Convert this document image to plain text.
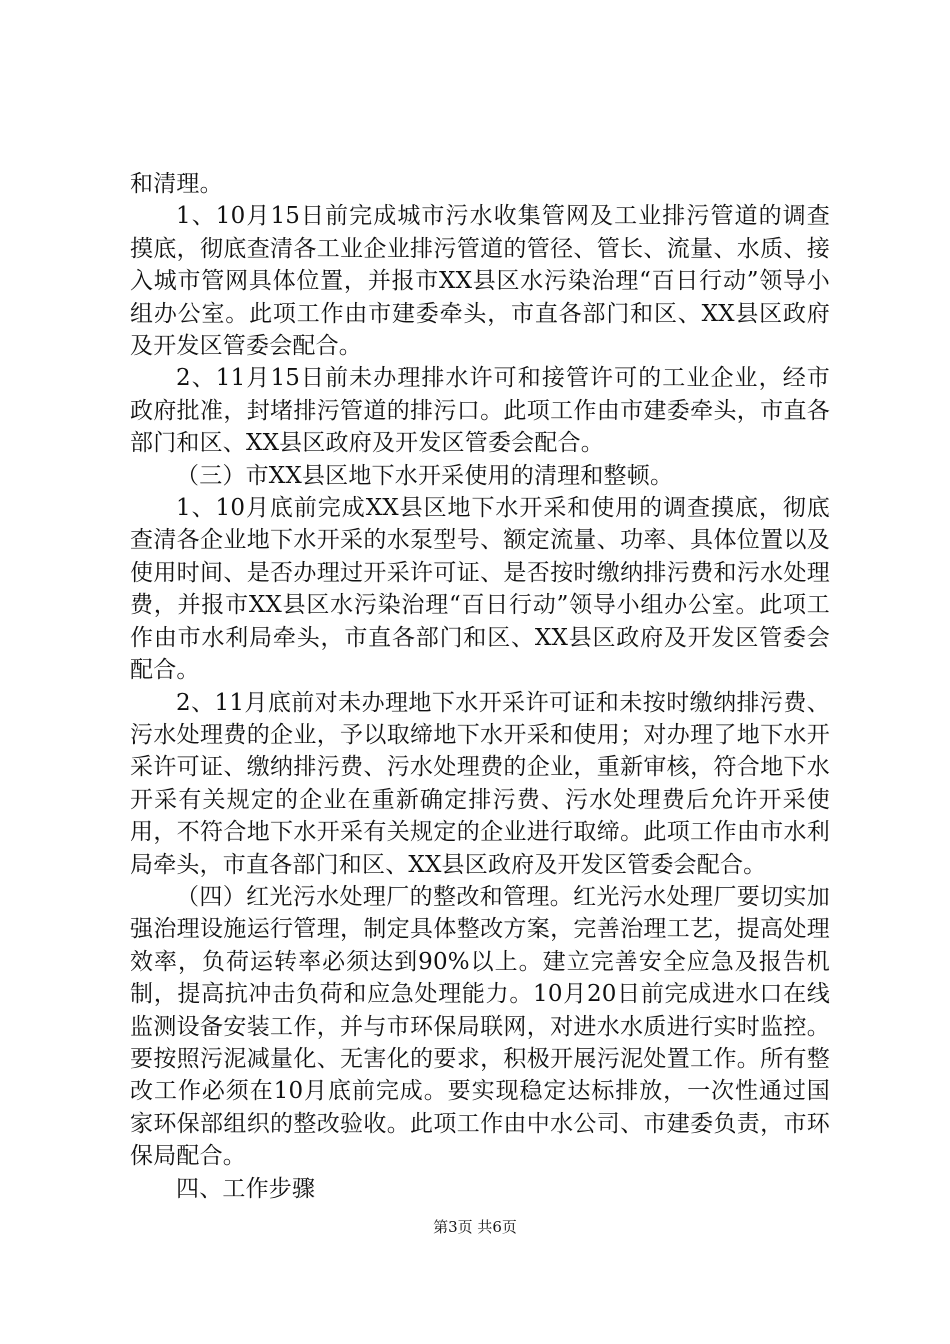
和清理。

1、10月15日前完成城市污水收集管网及工业排污管道的调查摸底，彻底查清各工业企业排污管道的管径、管长、流量、水质、接入城市管网具体位置，并报市XX县区水污染治理“百日行动”领导小组办公室。此项工作由市建委牵头，市直各部门和区、XX县区政府及开发区管委会配合。

2、11月15日前未办理排水许可和接管许可的工业企业，经市政府批准，封堵排污管道的排污口。此项工作由市建委牵头，市直各部门和区、XX县区政府及开发区管委会配合。

（三）市XX县区地下水开采使用的清理和整顿。

1、10月底前完成XX县区地下水开采和使用的调查摸底，彻底查清各企业地下水开采的水泵型号、额定流量、功率、具体位置以及使用时间、是否办理过开采许可证、是否按时缴纳排污费和污水处理费，并报市XX县区水污染治理“百日行动”领导小组办公室。此项工作由市水利局牵头，市直各部门和区、XX县区政府及开发区管委会配合。

2、11月底前对未办理地下水开采许可证和未按时缴纳排污费、污水处理费的企业，予以取缔地下水开采和使用；对办理了地下水开采许可证、缴纳排污费、污水处理费的企业，重新审核，符合地下水开采有关规定的企业在重新确定排污费、污水处理费后允许开采使用，不符合地下水开采有关规定的企业进行取缔。此项工作由市水利局牵头，市直各部门和区、XX县区政府及开发区管委会配合。

（四）红光污水处理厂的整改和管理。红光污水处理厂要切实加强治理设施运行管理，制定具体整改方案，完善治理工艺，提高处理效率，负荷运转率必须达到90%以上。建立完善安全应急及报告机制，提高抗冲击负荷和应急处理能力。10月20日前完成进水口在线监测设备安装工作，并与市环保局联网，对进水水质进行实时监控。要按照污泥减量化、无害化的要求，积极开展污泥处置工作。所有整改工作必须在10月底前完成。要实现稳定达标排放，一次性通过国家环保部组织的整改验收。此项工作由中水公司、市建委负责，市环保局配合。

四、工作步骤

第3页 共6页
